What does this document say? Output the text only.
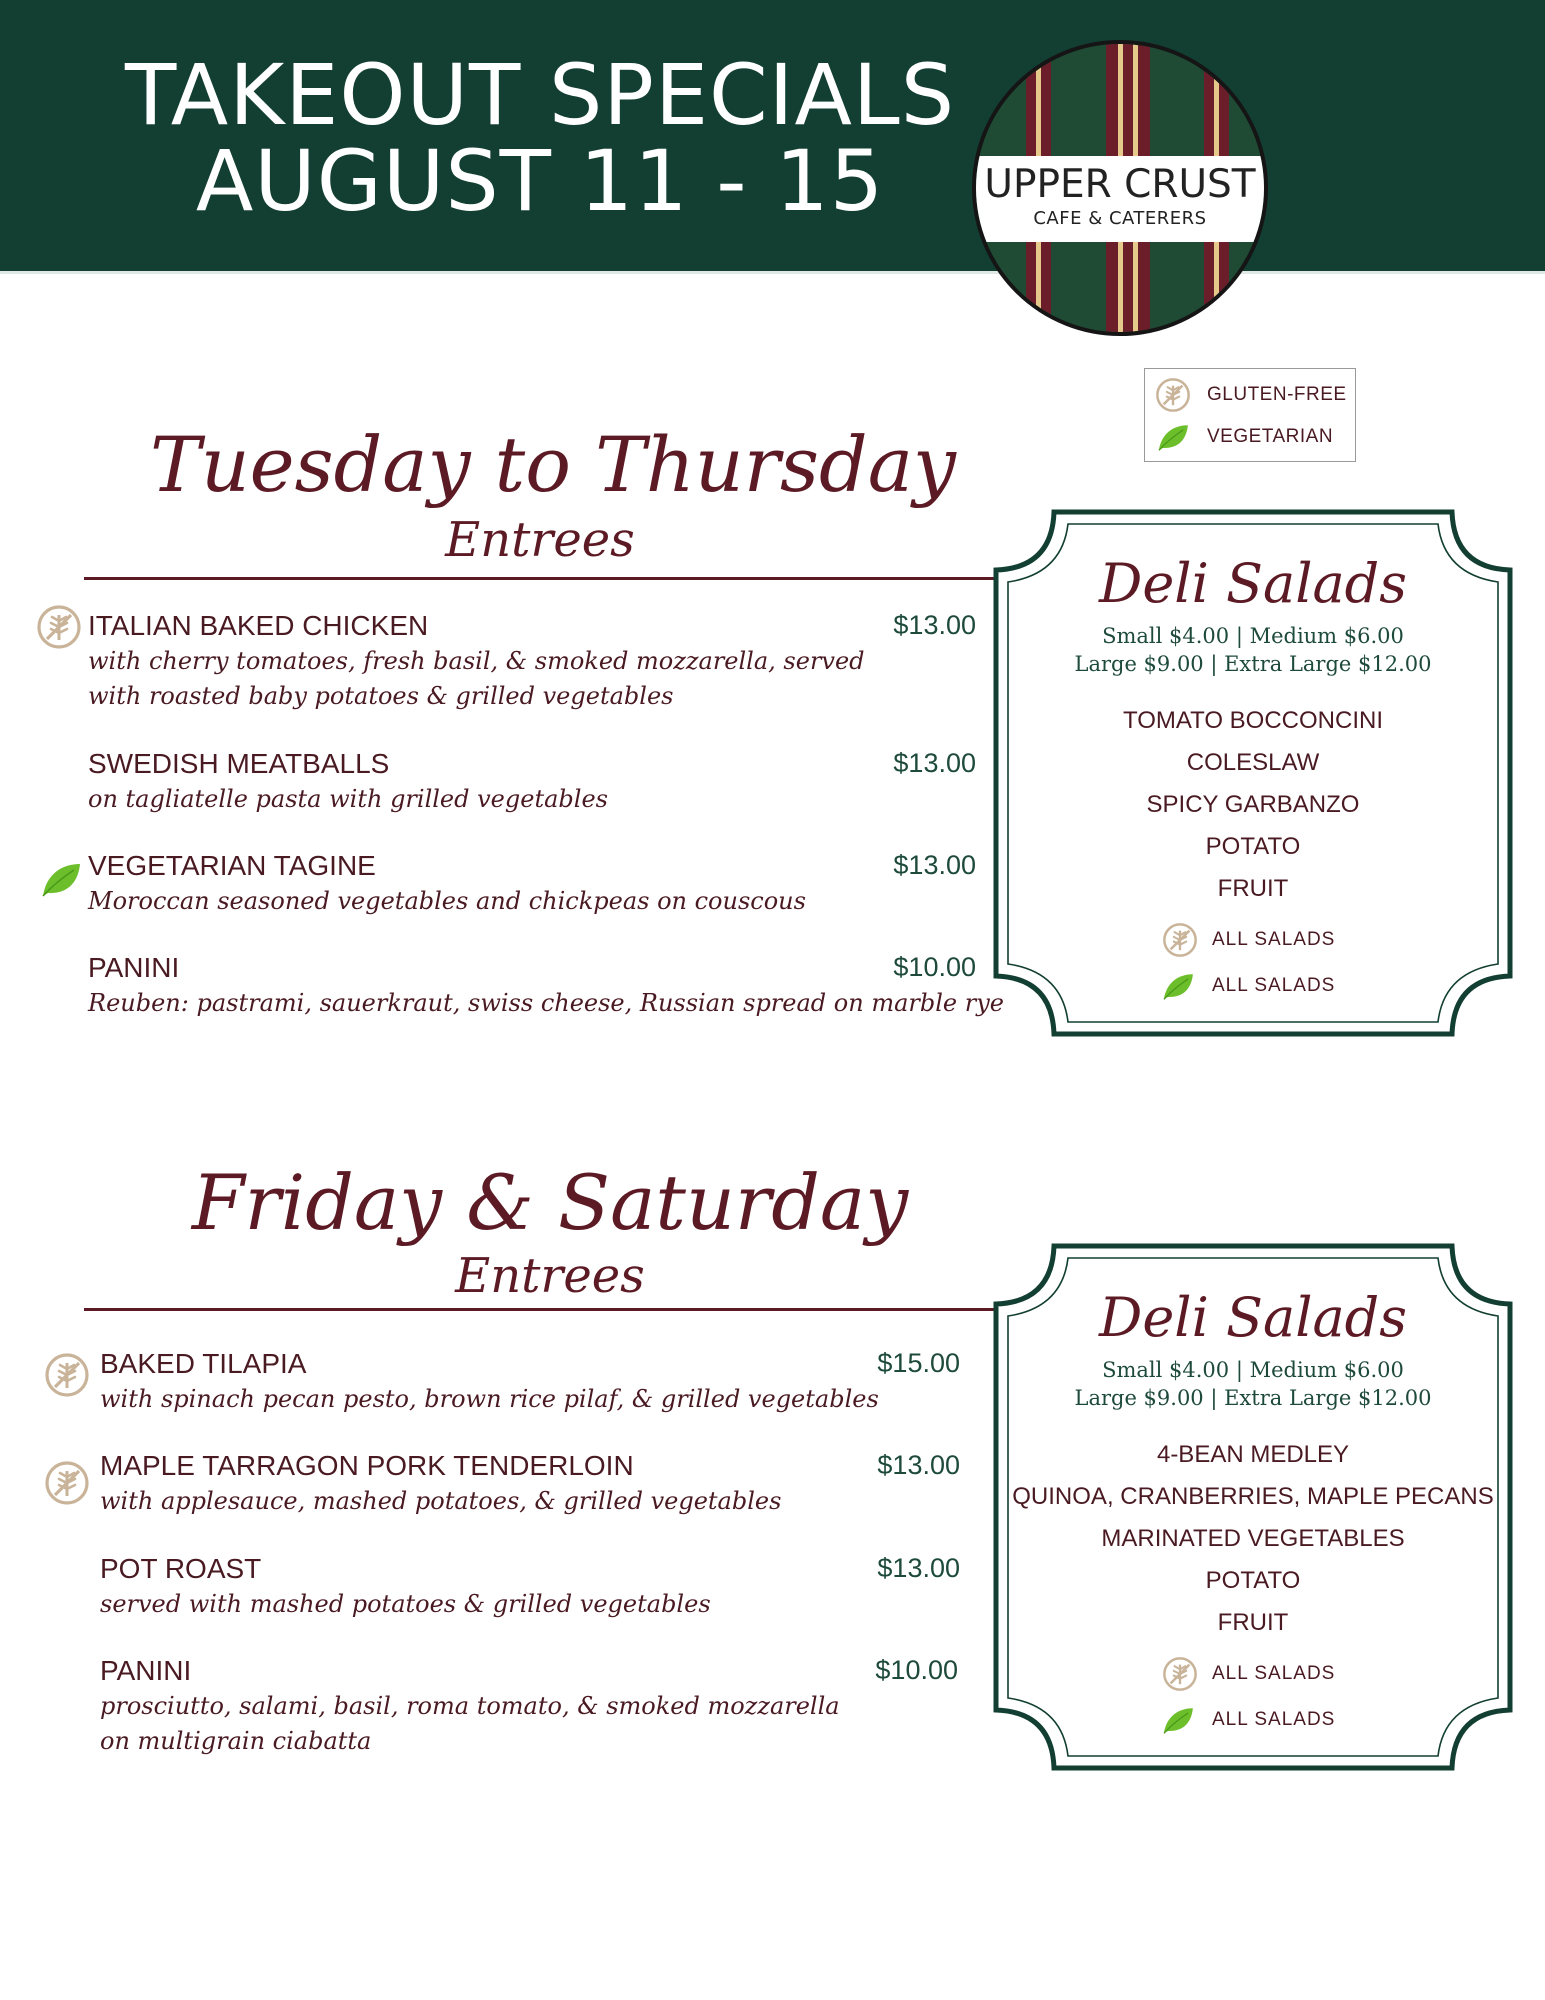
TAKEOUT SPECIALS
AUGUST 11 - 15	UPPER CRUST
CAFE & CATERERS
GLUTEN-FREE
VEGETARIAN
Tuesday to Thursday
Entrees
ITALIAN BAKED CHICKEN	$13.00
with cherry tomatoes, fresh basil, & smoked mozzarella, served with roasted baby potatoes & grilled vegetables
SWEDISH MEATBALLS	$13.00
on tagliatelle pasta with grilled vegetables
VEGETARIAN TAGINE	$13.00
Moroccan seasoned vegetables and chickpeas on couscous
PANINI	$10.00
Reuben: pastrami, sauerkraut, swiss cheese, Russian spread on marble rye
Deli Salads
Small $4.00 | Medium $6.00
Large $9.00 | Extra Large $12.00
TOMATO BOCCONCINI
COLESLAW
SPICY GARBANZO
POTATO
FRUIT
ALL SALADS
ALL SALADS
Friday & Saturday
Entrees
BAKED TILAPIA	$15.00
with spinach pecan pesto, brown rice pilaf, & grilled vegetables
MAPLE TARRAGON PORK TENDERLOIN	$13.00
with applesauce, mashed potatoes, & grilled vegetables
POT ROAST	$13.00
served with mashed potatoes & grilled vegetables
PANINI	$10.00
prosciutto, salami, basil, roma tomato, & smoked mozzarella on multigrain ciabatta
Deli Salads
Small $4.00 | Medium $6.00
Large $9.00 | Extra Large $12.00
4-BEAN MEDLEY
QUINOA, CRANBERRIES, MAPLE PECANS
MARINATED VEGETABLES
POTATO
FRUIT
ALL SALADS
ALL SALADS
